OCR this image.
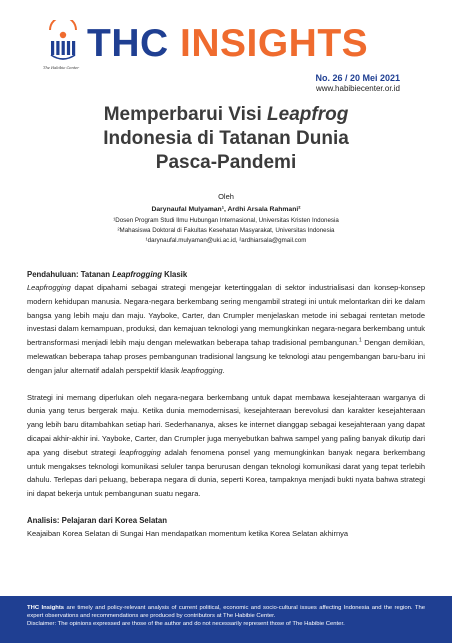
The Habibie Center
THC INSIGHTS
No. 26 / 20 Mei 2021
www.habibiecenter.or.id
Memperbarui Visi Leapfrog
Indonesia di Tatanan Dunia
Pasca-Pandemi
Oleh
Darynaufal Mulyaman¹, Ardhi Arsala Rahmani²
¹Dosen Program Studi Ilmu Hubungan Internasional, Universitas Kristen Indonesia
²Mahasiswa Doktoral di Fakultas Kesehatan Masyarakat, Universitas Indonesia
¹darynaufal.mulyaman@uki.ac.id, ²ardhiarsala@gmail.com
Pendahuluan: Tatanan Leapfrogging Klasik

Leapfrogging dapat dipahami sebagai strategi mengejar ketertinggalan di sektor industrialisasi dan konsep-konsep modern kehidupan manusia. Negara-negara berkembang sering mengambil strategi ini untuk melontarkan diri ke dalam bangsa yang lebih maju dan maju. Yayboke, Carter, dan Crumpler menjelaskan metode ini sebagai rentetan metode investasi dalam kemampuan, produksi, dan kemajuan teknologi yang memungkinkan negara-negara berkembang untuk bertransformasi menjadi lebih maju dengan melewatkan beberapa tahap tradisional pembangunan.$^1$ Dengan demikian, melewatkan beberapa tahap proses pembangunan tradisional langsung ke teknologi atau pengembangan baru-baru ini dengan jalur alternatif adalah perspektif klasik leapfrogging.

Strategi ini memang diperlukan oleh negara-negara berkembang untuk dapat membawa kesejahteraan warganya di dunia yang terus bergerak maju. Ketika dunia memodernisasi, kesejahteraan berevolusi dan karakter kesejahteraan yang lebih baru ditambahkan setiap hari. Sederhananya, akses ke internet dianggap sebagai kesejahteraan yang dapat dicapai akhir-akhir ini. Yayboke, Carter, dan Crumpler juga menyebutkan bahwa sampel yang paling banyak dikutip dari apa yang disebut strategi leapfrogging adalah fenomena ponsel yang memungkinkan banyak negara berkembang untuk mengakses teknologi komunikasi seluler tanpa berurusan dengan teknologi komunikasi darat yang tepat terlebih dahulu. Terlepas dari peluang, beberapa negara di dunia, seperti Korea, tampaknya menjadi bukti nyata bahwa strategi ini dapat bekerja untuk pembangunan suatu negara.

Analisis: Pelajaran dari Korea Selatan

Keajaiban Korea Selatan di Sungai Han mendapatkan momentum ketika Korea Selatan akhirnya

THC Insights are timely and policy-relevant analysis of current political, economic and socio-cultural issues affecting Indonesia and the region. The expert observations and recommendations are produced by contributors at The Habibie Center.

Disclaimer: The opinions expressed are those of the author and do not necessarily represent those of The Habibie Center.
